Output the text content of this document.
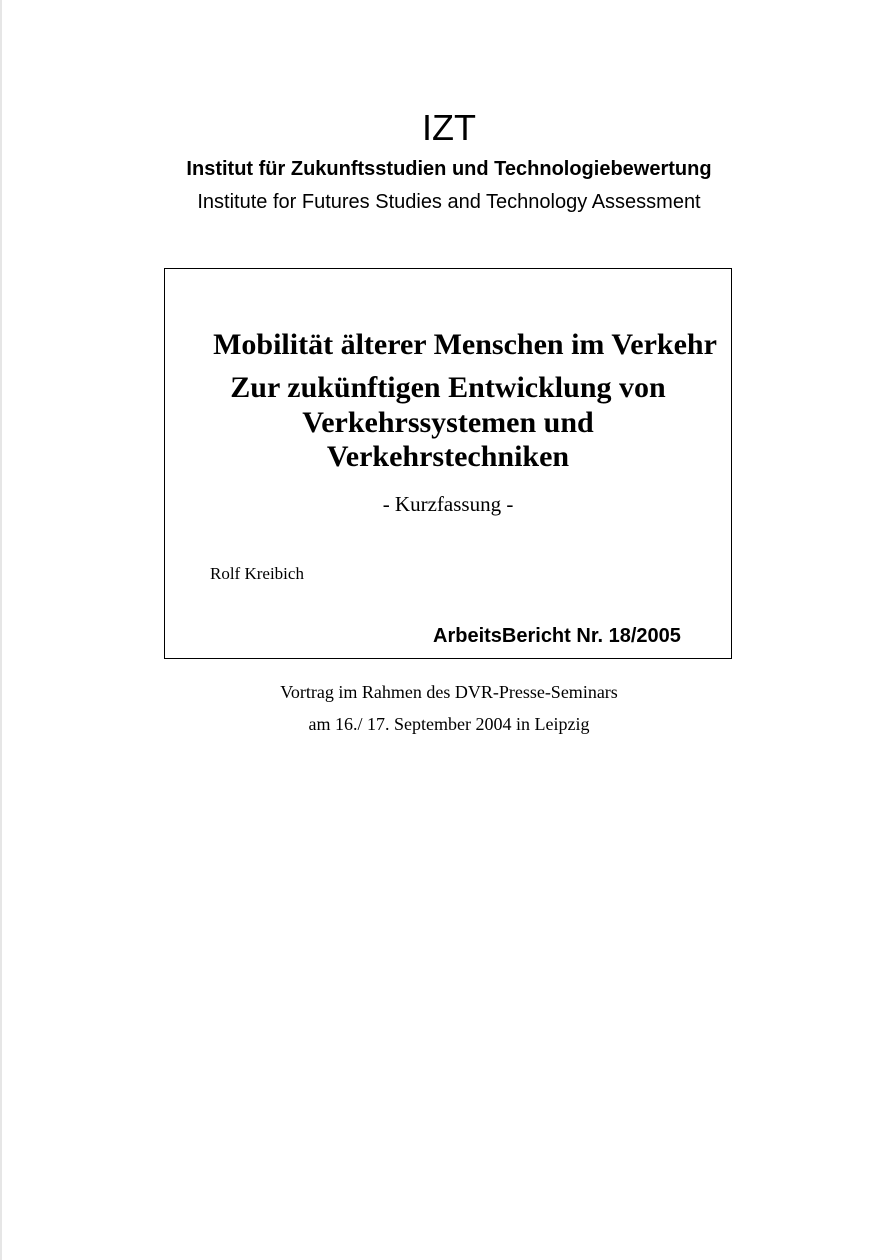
IZT
Institut für Zukunftsstudien und Technologiebewertung
Institute for Futures Studies and Technology Assessment
Mobilität älterer Menschen im Verkehr
Zur zukünftigen Entwicklung von
Verkehrssystemen und
Verkehrstechniken
- Kurzfassung -
Rolf Kreibich
ArbeitsBericht Nr. 18/2005
Vortrag im Rahmen des DVR-Presse-Seminars
am 16./ 17. September 2004 in Leipzig
